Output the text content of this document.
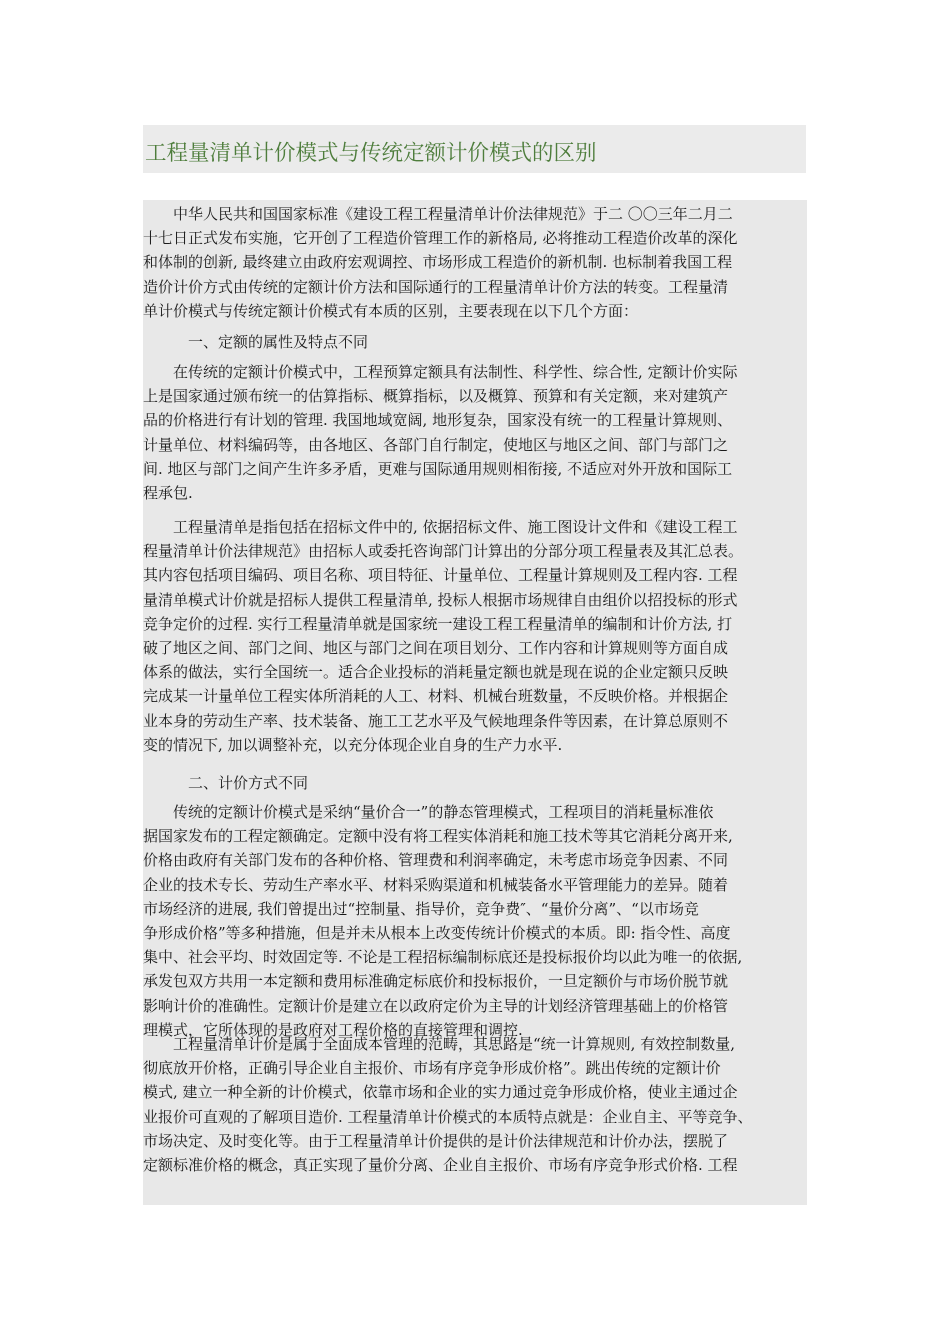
工程量清单计价模式与传统定额计价模式的区别
　　中华人民共和国国家标准《建设工程工程量清单计价法律规范》于二 〇〇三年二月二
十七日正式发布实施，它开创了工程造价管理工作的新格局, 必将推动工程造价改革的深化
和体制的创新, 最终建立由政府宏观调控、市场形成工程造价的新机制. 也标制着我国工程
造价计价方式由传统的定额计价方法和国际通行的工程量清单计价方法的转变。工程量清
单计价模式与传统定额计价模式有本质的区别，主要表现在以下几个方面：
一、定额的属性及特点不同
　　在传统的定额计价模式中，工程预算定额具有法制性、科学性、综合性, 定额计价实际
上是国家通过颁布统一的估算指标、概算指标，以及概算、预算和有关定额，来对建筑产
品的价格进行有计划的管理. 我国地域宽阔, 地形复杂，国家没有统一的工程量计算规则、
计量单位、材料编码等，由各地区、各部门自行制定，使地区与地区之间、部门与部门之
间. 地区与部门之间产生许多矛盾，更难与国际通用规则相衔接, 不适应对外开放和国际工
程承包.
　　工程量清单是指包括在招标文件中的, 依据招标文件、施工图设计文件和《建设工程工
程量清单计价法律规范》由招标人或委托咨询部门计算出的分部分项工程量表及其汇总表。
其内容包括项目编码、项目名称、项目特征、计量单位、工程量计算规则及工程内容. 工程
量清单模式计价就是招标人提供工程量清单, 投标人根据市场规律自由组价以招投标的形式
竞争定价的过程. 实行工程量清单就是国家统一建设工程工程量清单的编制和计价方法, 打
破了地区之间、部门之间、地区与部门之间在项目划分、工作内容和计算规则等方面自成
体系的做法，实行全国统一。适合企业投标的消耗量定额也就是现在说的企业定额只反映
完成某一计量单位工程实体所消耗的人工、材料、机械台班数量，不反映价格。并根据企
业本身的劳动生产率、技术装备、施工工艺水平及气候地理条件等因素，在计算总原则不
变的情况下, 加以调整补充，以充分体现企业自身的生产力水平.
二、计价方式不同
　　传统的定额计价模式是采纳“量价合一”的静态管理模式，工程项目的消耗量标准依
据国家发布的工程定额确定。定额中没有将工程实体消耗和施工技术等其它消耗分离开来,
价格由政府有关部门发布的各种价格、管理费和利润率确定，未考虑市场竞争因素、不同
企业的技术专长、劳动生产率水平、材料采购渠道和机械装备水平管理能力的差异。随着
市场经济的进展, 我们曾提出过“控制量、指导价，竞争费″、“量价分离”、“以市场竞
争形成价格”等多种措施，但是并未从根本上改变传统计价模式的本质。即: 指令性、高度
集中、社会平均、时效固定等. 不论是工程招标编制标底还是投标报价均以此为唯一的依据,
承发包双方共用一本定额和费用标准确定标底价和投标报价，一旦定额价与市场价脱节就
影响计价的准确性。定额计价是建立在以政府定价为主导的计划经济管理基础上的价格管
理模式，它所体现的是政府对工程价格的直接管理和调控.
　　工程量清单计价是属于全面成本管理的范畴，其思路是“统一计算规则, 有效控制数量,
彻底放开价格，正确引导企业自主报价、市场有序竞争形成价格”。跳出传统的定额计价
模式, 建立一种全新的计价模式，依靠市场和企业的实力通过竞争形成价格，使业主通过企
业报价可直观的了解项目造价. 工程量清单计价模式的本质特点就是：企业自主、平等竞争、
市场决定、及时变化等。由于工程量清单计价提供的是计价法律规范和计价办法，摆脱了
定额标准价格的概念，真正实现了量价分离、企业自主报价、市场有序竞争形式价格. 工程
